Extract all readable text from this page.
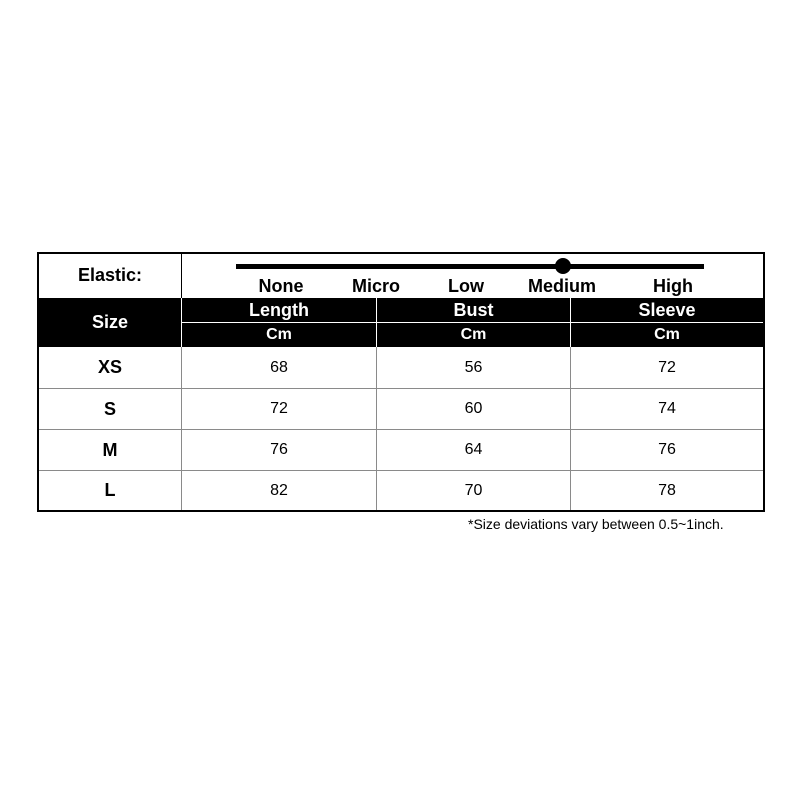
Elastic:
None	Micro	Low	Medium	High
Size
Length	Bust	Sleeve
Cm	Cm	Cm
XS	68	56	72
S	72	60	74
M	76	64	76
L	82	70	78
*Size deviations vary between 0.5~1inch.
